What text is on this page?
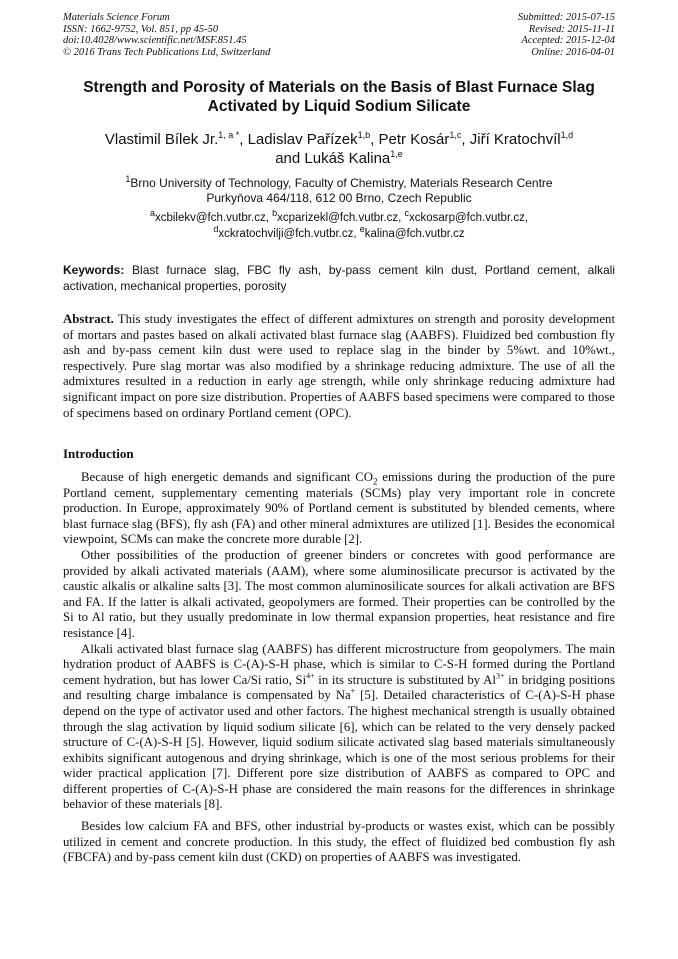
Materials Science Forum
ISSN: 1662-9752, Vol. 851, pp 45-50
doi:10.4028/www.scientific.net/MSF.851.45
© 2016 Trans Tech Publications Ltd, Switzerland
Submitted: 2015-07-15
Revised: 2015-11-11
Accepted: 2015-12-04
Online: 2016-04-01
Strength and Porosity of Materials on the Basis of Blast Furnace Slag
Activated by Liquid Sodium Silicate
Vlastimil Bílek Jr.$^{1, a *}$, Ladislav Pařízek$^{1,b}$, Petr Kosár$^{1,c}$, Jiří Kratochvíl$^{1,d}$
and Lukáš Kalina$^{1,e}$
$^1$Brno University of Technology, Faculty of Chemistry, Materials Research Centre
Purkyňova 464/118, 612 00 Brno, Czech Republic
$^a$xcbilekv@fch.vutbr.cz, $^b$xcparizekl@fch.vutbr.cz, $^c$xckosarp@fch.vutbr.cz,
$^d$xckratochvilji@fch.vutbr.cz, $^e$kalina@fch.vutbr.cz
Keywords: Blast furnace slag, FBC fly ash, by-pass cement kiln dust, Portland cement, alkali activation, mechanical properties, porosity
Abstract. This study investigates the effect of different admixtures on strength and porosity development of mortars and pastes based on alkali activated blast furnace slag (AABFS). Fluidized bed combustion fly ash and by-pass cement kiln dust were used to replace slag in the binder by 5%wt. and 10%wt., respectively. Pure slag mortar was also modified by a shrinkage reducing admixture. The use of all the admixtures resulted in a reduction in early age strength, while only shrinkage reducing admixture had significant impact on pore size distribution. Properties of AABFS based specimens were compared to those of specimens based on ordinary Portland cement (OPC).
Introduction

Because of high energetic demands and significant $CO_2$ emissions during the production of the pure Portland cement, supplementary cementing materials (SCMs) play very important role in concrete production. In Europe, approximately 90% of Portland cement is substituted by blended cements, where blast furnace slag (BFS), fly ash (FA) and other mineral admixtures are utilized [1]. Besides the economical viewpoint, SCMs can make the concrete more durable [2].

Other possibilities of the production of greener binders or concretes with good performance are provided by alkali activated materials (AAM), where some aluminosilicate precursor is activated by the caustic alkalis or alkaline salts [3]. The most common aluminosilicate sources for alkali activation are BFS and FA. If the latter is alkali activated, geopolymers are formed. Their properties can be controlled by the Si to Al ratio, but they usually predominate in low thermal expansion properties, heat resistance and fire resistance [4].

Alkali activated blast furnace slag (AABFS) has different microstructure from geopolymers. The main hydration product of AABFS is C-(A)-S-H phase, which is similar to C-S-H formed during the Portland cement hydration, but has lower Ca/Si ratio, $Si^{4+}$ in its structure is substituted by $Al^{3+}$ in bridging positions and resulting charge imbalance is compensated by Na+ [5]. Detailed characteristics of C-(A)-S-H phase depend on the type of activator used and other factors. The highest mechanical strength is usually obtained through the slag activation by liquid sodium silicate [6], which can be related to the very densely packed structure of C-(A)-S-H [5]. However, liquid sodium silicate activated slag based materials simultaneously exhibits significant autogenous and drying shrinkage, which is one of the most serious problems for their wider practical application [7]. Different pore size distribution of AABFS as compared to OPC and different properties of C-(A)-S-H phase are considered the main reasons for the differences in shrinkage behavior of these materials [8].

Besides low calcium FA and BFS, other industrial by-products or wastes exist, which can be possibly utilized in cement and concrete production. In this study, the effect of fluidized bed combustion fly ash (FBCFA) and by-pass cement kiln dust (CKD) on properties of AABFS was investigated.
